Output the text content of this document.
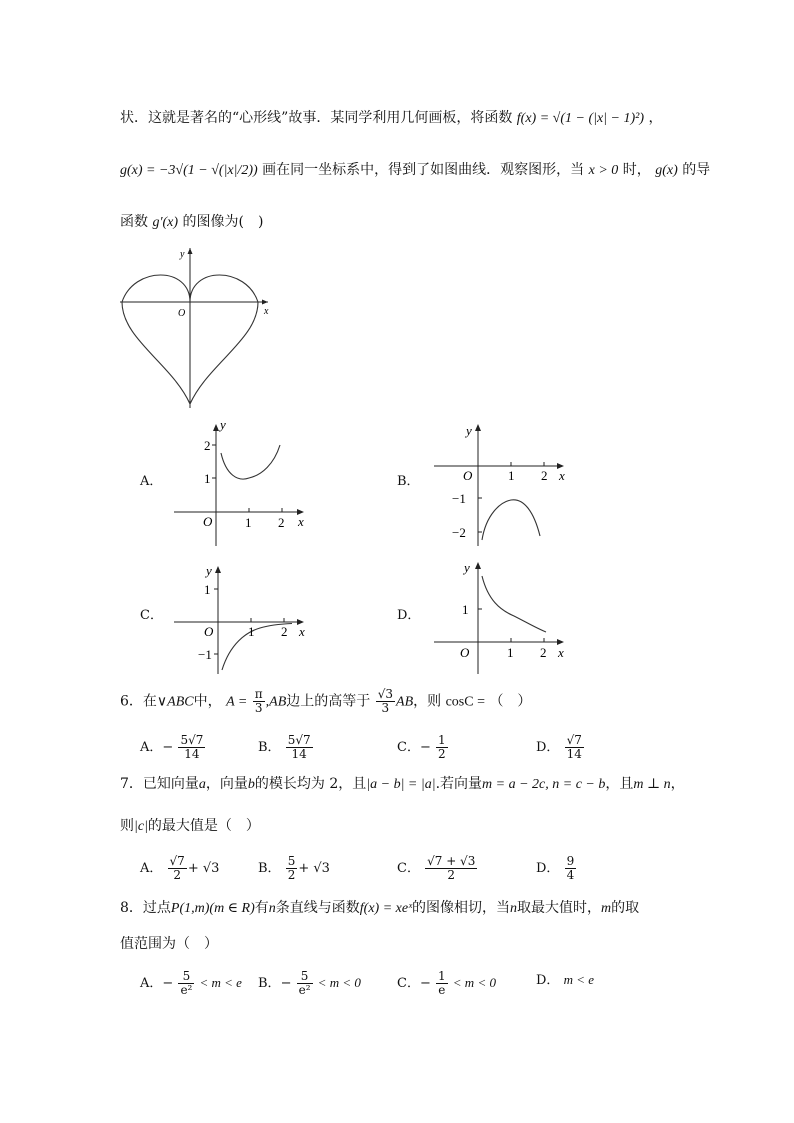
状．这就是著名的“心形线”故事．某同学利用几何画板，将函数 f(x) = √(1 − (|x| − 1)²) ，
g(x) = −3√(1 − √(|x|/2)) 画在同一坐标系中，得到了如图曲线．观察图形，当 x > 0 时， g(x) 的导
函数 g′(x) 的图像为(　)
y
x
O
A．
y
2
1
O	1 2 x
B．
y
−1
−2
O	1 2 x
C．
y
1
−1
O	1 2 x
D．
y
1
O	1 2 x
6．在∨ABC中， $A = \frac{\pi}{3} ,AB$边上的高等于 $\frac{√3}{3}$ AB，则 cosC = （　）
A．− $\frac{5√7}{14}$	B． $\frac{5√7}{14}$	C．− $\frac{1}{2}$	D． $\frac{√7}{14}$
7．已知向量a，向量b的模长均为 2，且|a − b| = |a|.若向量m = a − 2c, n = c − b，且m ⊥ n，
则|c|的最大值是（　）
A． $\frac{√7}{2} + √3$	B． $\frac{5}{2} + √3$	C． $\frac{√7 + √3}{2}$	D． $\frac{9}{4}$
8．过点P(1,m)(m ∈ R)有n条直线与函数f(x) = xeˣ的图像相切，当n取最大值时，m的取
值范围为（　）
A．− $\frac{5}{\text{e²}} < m < e$ B．− $\frac{5}{\text{e²}} < m < 0$	C．− $\frac{1}{e} < m < 0$	D． m < e
